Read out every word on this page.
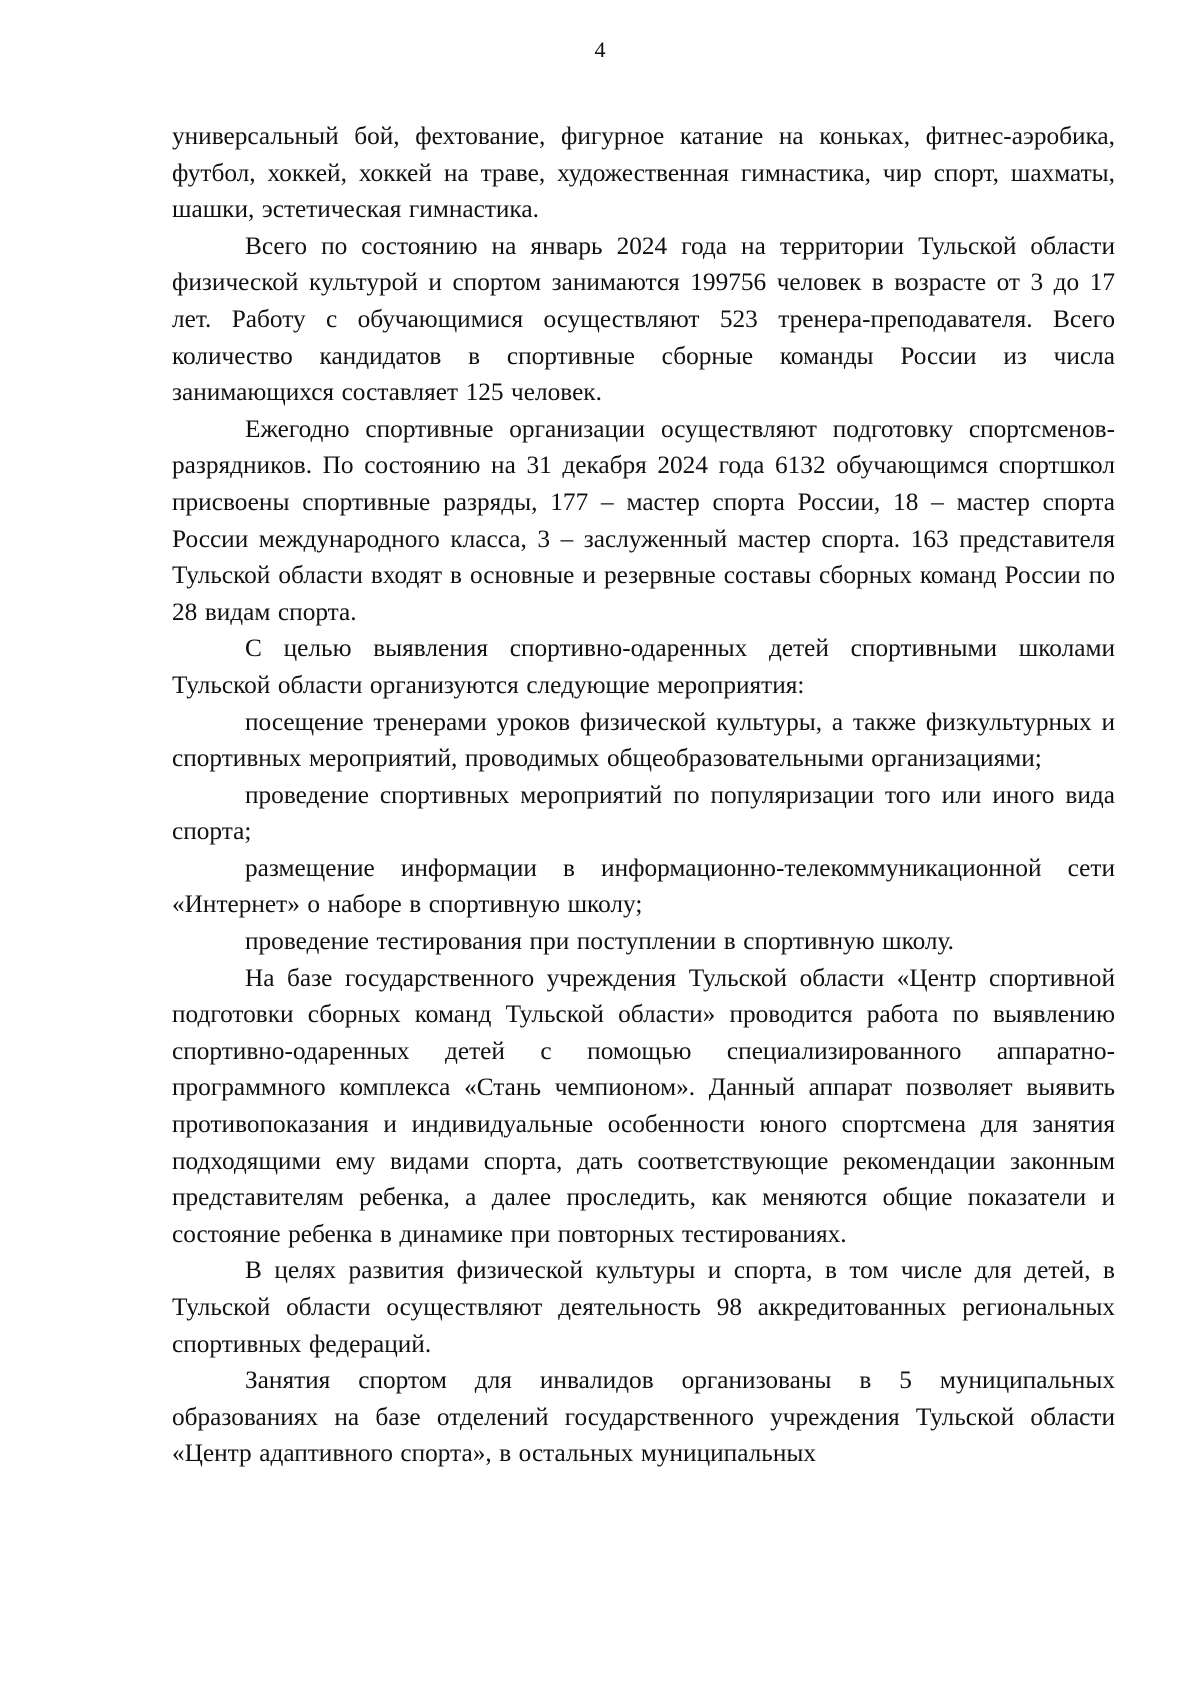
4

универсальный бой, фехтование, фигурное катание на коньках, фитнес-аэробика, футбол, хоккей, хоккей на траве, художественная гимнастика, чир спорт, шахматы, шашки, эстетическая гимнастика.

Всего по состоянию на январь 2024 года на территории Тульской области физической культурой и спортом занимаются 199756 человек в возрасте от 3 до 17 лет. Работу с обучающимися осуществляют 523 тренера-преподавателя. Всего количество кандидатов в спортивные сборные команды России из числа занимающихся составляет 125 человек.

Ежегодно спортивные организации осуществляют подготовку спортсменов-разрядников. По состоянию на 31 декабря 2024 года 6132 обучающимся спортшкол присвоены спортивные разряды, 177 – мастер спорта России, 18 – мастер спорта России международного класса, 3 – заслуженный мастер спорта. 163 представителя Тульской области входят в основные и резервные составы сборных команд России по 28 видам спорта.

С целью выявления спортивно-одаренных детей спортивными школами Тульской области организуются следующие мероприятия:

посещение тренерами уроков физической культуры, а также физкультурных и спортивных мероприятий, проводимых общеобразовательными организациями;

проведение спортивных мероприятий по популяризации того или иного вида спорта;

размещение информации в информационно-телекоммуникационной сети «Интернет» о наборе в спортивную школу;

проведение тестирования при поступлении в спортивную школу.

На базе государственного учреждения Тульской области «Центр спортивной подготовки сборных команд Тульской области» проводится работа по выявлению спортивно-одаренных детей с помощью специализированного аппаратно-программного комплекса «Стань чемпионом». Данный аппарат позволяет выявить противопоказания и индивидуальные особенности юного спортсмена для занятия подходящими ему видами спорта, дать соответствующие рекомендации законным представителям ребенка, а далее проследить, как меняются общие показатели и состояние ребенка в динамике при повторных тестированиях.

В целях развития физической культуры и спорта, в том числе для детей, в Тульской области осуществляют деятельность 98 аккредитованных региональных спортивных федераций.

Занятия спортом для инвалидов организованы в 5 муниципальных образованиях на базе отделений государственного учреждения Тульской области «Центр адаптивного спорта», в остальных муниципальных
